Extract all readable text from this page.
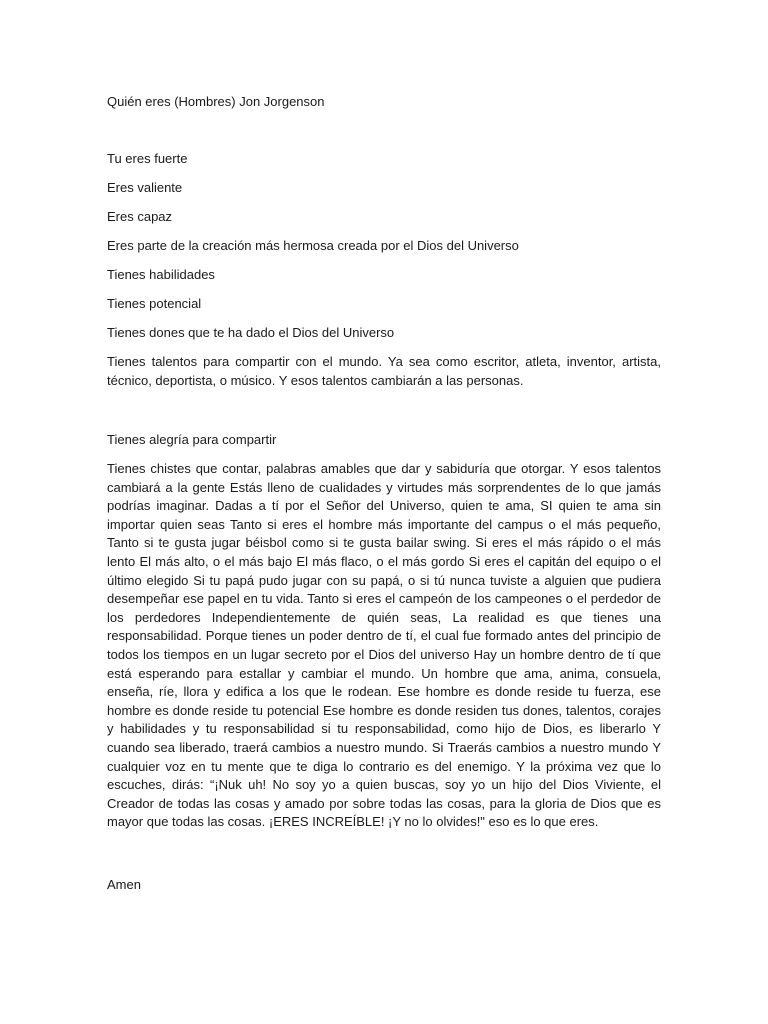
Quién eres (Hombres) Jon Jorgenson

Tu eres fuerte

Eres valiente

Eres capaz

Eres parte de la creación más hermosa creada por el Dios del Universo

Tienes habilidades

Tienes potencial

Tienes dones que te ha dado el Dios del Universo

Tienes talentos para compartir con el mundo. Ya sea como escritor, atleta, inventor, artista, técnico, deportista, o músico. Y esos talentos cambiarán a las personas.

Tienes alegría para compartir

Tienes chistes que contar, palabras amables que dar y sabiduría que otorgar. Y esos talentos cambiará a la gente Estás lleno de cualidades y virtudes más sorprendentes de lo que jamás podrías imaginar. Dadas a tí por el Señor del Universo, quien te ama, SI quien te ama sin importar quien seas Tanto si eres el hombre más importante del campus o el más pequeño, Tanto si te gusta jugar béisbol como si te gusta bailar swing. Si eres el más rápido o el más lento El más alto, o el más bajo El más flaco, o el más gordo Si eres el capitán del equipo o el último elegido Si tu papá pudo jugar con su papá, o si tú nunca tuviste a alguien que pudiera desempeñar ese papel en tu vida. Tanto si eres el campeón de los campeones o el perdedor de los perdedores Independientemente de quién seas, La realidad es que tienes una responsabilidad. Porque tienes un poder dentro de tí, el cual fue formado antes del principio de todos los tiempos en un lugar secreto por el Dios del universo Hay un hombre dentro de tí que está esperando para estallar y cambiar el mundo. Un hombre que ama, anima, consuela, enseña, ríe, llora y edifica a los que le rodean. Ese hombre es donde reside tu fuerza, ese hombre es donde reside tu potencial Ese hombre es donde residen tus dones, talentos, corajes y habilidades y tu responsabilidad si tu responsabilidad, como hijo de Dios, es liberarlo Y cuando sea liberado, traerá cambios a nuestro mundo. Si Traerás cambios a nuestro mundo Y cualquier voz en tu mente que te diga lo contrario es del enemigo. Y la próxima vez que lo escuches, dirás: “¡Nuk uh! No soy yo a quien buscas, soy yo un hijo del Dios Viviente, el Creador de todas las cosas y amado por sobre todas las cosas, para la gloria de Dios que es mayor que todas las cosas. ¡ERES INCREÍBLE! ¡Y no lo olvides!" eso es lo que eres.

Amen
